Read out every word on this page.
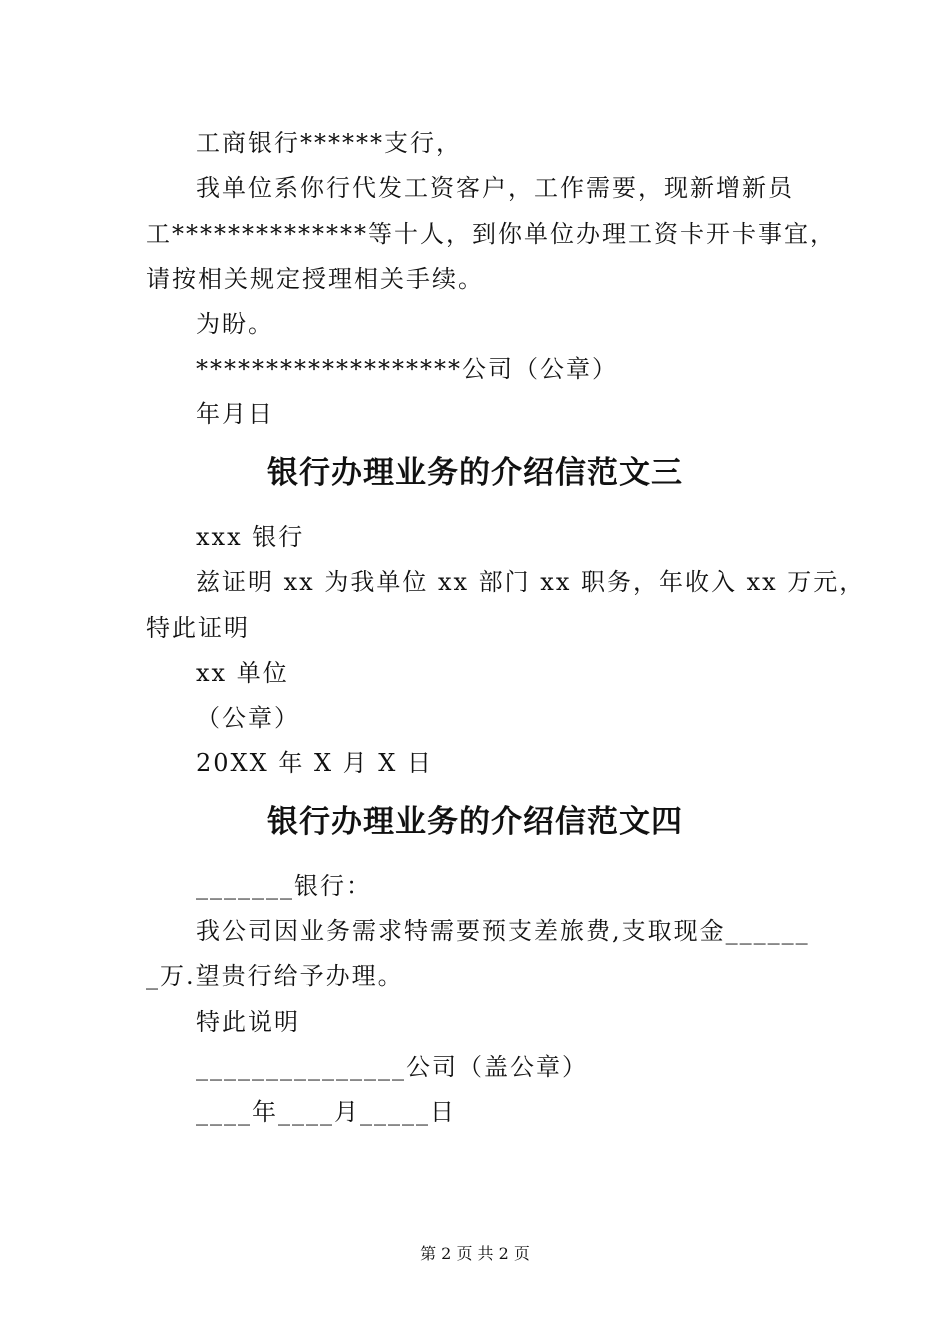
工商银行******支行，
我单位系你行代发工资客户，工作需要，现新增新员
工**************等十人，到你单位办理工资卡开卡事宜，
请按相关规定授理相关手续。
为盼。
*******************公司（公章）
年月日
银行办理业务的介绍信范文三
xxx 银行
兹证明 xx 为我单位 xx 部门 xx 职务，年收入 xx 万元，
特此证明
xx 单位
（公章）
20XX 年 X 月 X 日
银行办理业务的介绍信范文四
_______银行：
我公司因业务需求特需要预支差旅费,支取现金______
_万.望贵行给予办理。
特此说明
_______________公司（盖公章）
____年____月_____日
第 2 页 共 2 页
